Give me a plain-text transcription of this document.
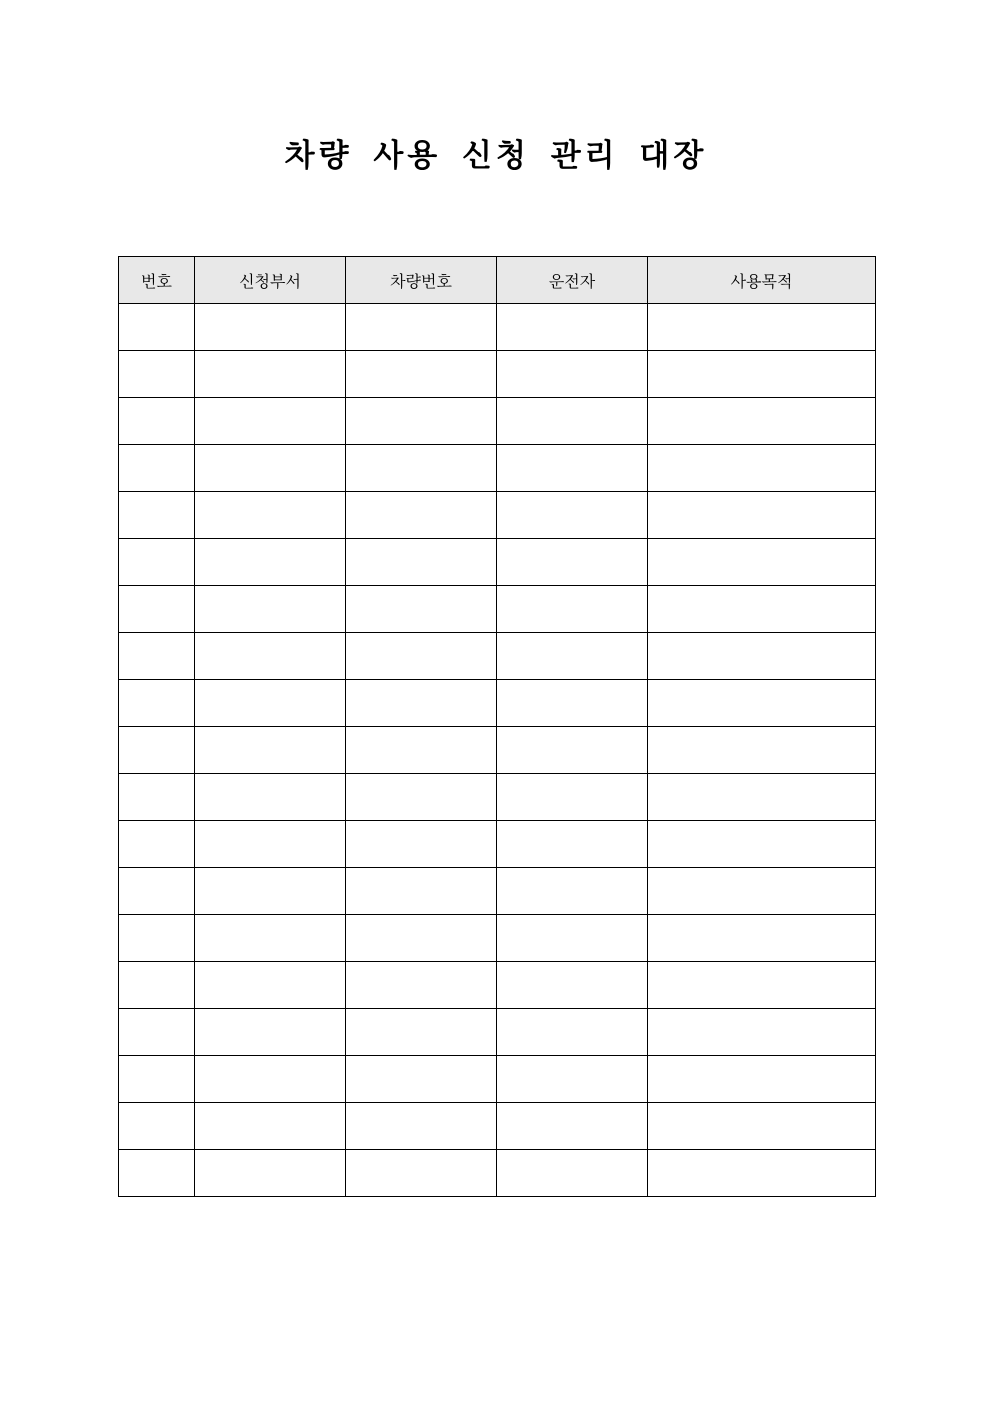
차량 사용 신청 관리 대장
번호	신청부서	차량번호	운전자	사용목적
